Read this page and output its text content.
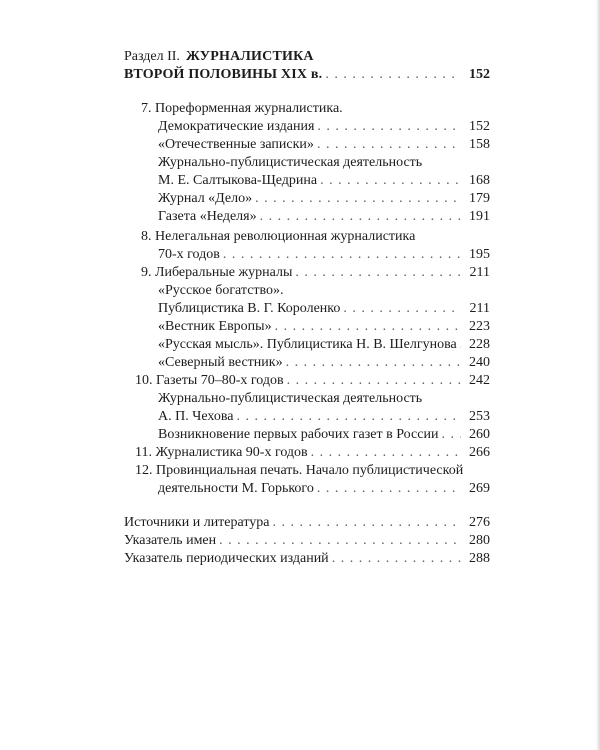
Раздел II. ЖУРНАЛИСТИКА
ВТОРОЙ ПОЛОВИНЫ XIX в. . . .	152
7. Пореформенная журналистика.
Демократические издания . . .	152
«Отечественные записки» . . .	158
Журнально-публицистическая деятельность
М. Е. Салтыкова-Щедрина . . .	168
Журнал «Дело» . . .	179
Газета «Неделя» . . .	191
8. Нелегальная революционная журналистика
70-х годов . . .	195
9. Либеральные журналы . . .	211
«Русское богатство».
Публицистика В. Г. Короленко . . .	211
«Вестник Европы» . . .	223
«Русская мысль». Публицистика Н. В. Шелгунова . . . 228
«Северный вестник» . . .	240
10. Газеты 70–80-х годов . . .	242
Журнально-публицистическая деятельность
А. П. Чехова . . .	253
Возникновение первых рабочих газет в России . . .	260
11. Журналистика 90-х годов . . .	266
12. Провинциальная печать. Начало публицистической
деятельности М. Горького . . .	269
Источники и литература . . .	276
Указатель имен . . .	280
Указатель периодических изданий . . .	288
